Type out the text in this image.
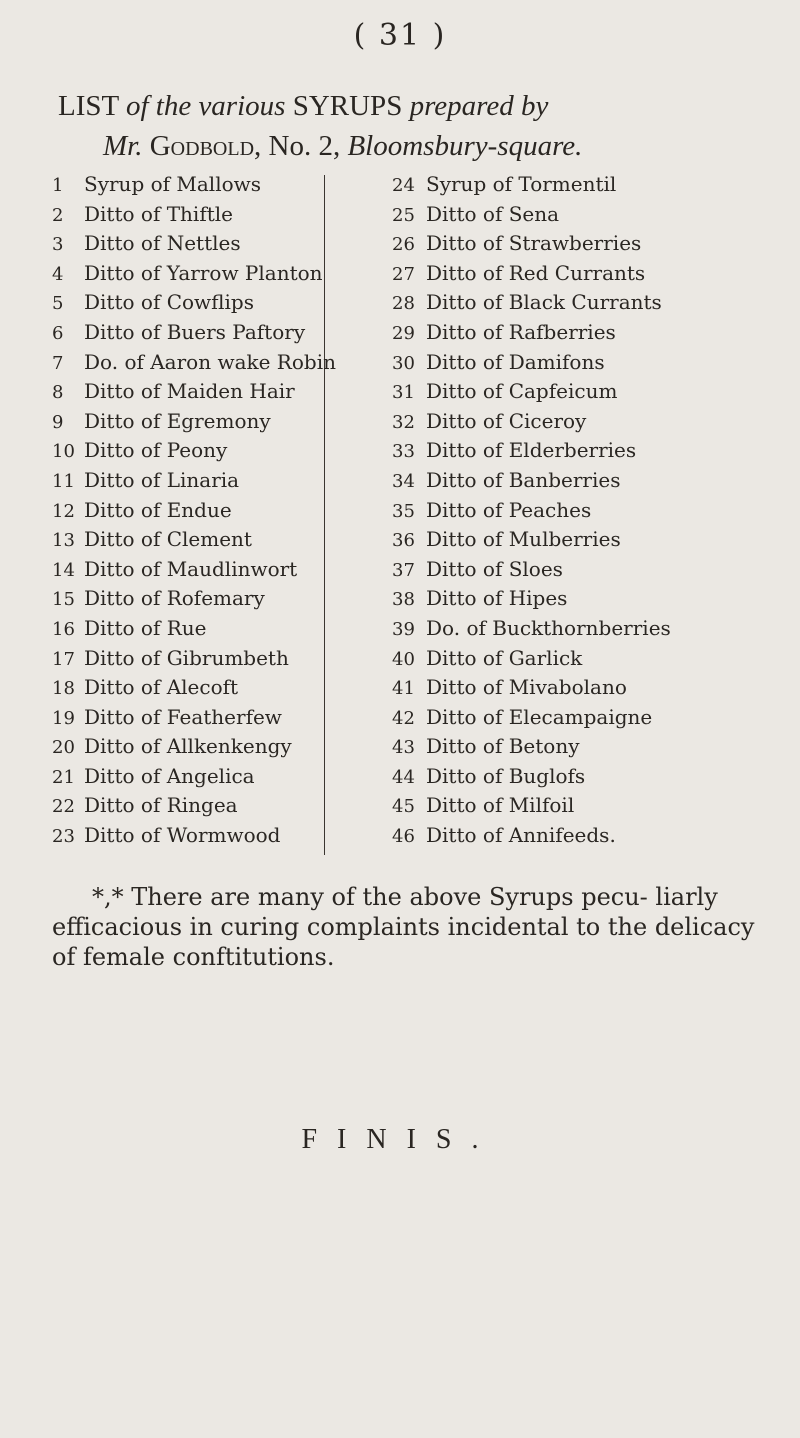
( 31 )
LIST of the various SYRUPS prepared by
Mr. Godbold, No. 2, Bloomsbury-square.
1	Syrup of Mallows
2	Ditto of Thiftle
3	Ditto of Nettles
4	Ditto of Yarrow Planton
5	Ditto of Cowflips
6	Ditto of Buers Paftory
7	Do. of Aaron wake Robin
8	Ditto of Maiden Hair
9	Ditto of Egremony
10 Ditto of Peony
11 Ditto of Linaria
12 Ditto of Endue
13 Ditto of Clement
14 Ditto of Maudlinwort
15 Ditto of Rofemary
16 Ditto of Rue
17 Ditto of Gibrumbeth
18 Ditto of Alecoft
19 Ditto of Featherfew
20 Ditto of Allkenkengy
21 Ditto of Angelica
22 Ditto of Ringea
23 Ditto of Wormwood
24 Syrup of Tormentil
25 Ditto of Sena
26 Ditto of Strawberries
27 Ditto of Red Currants
28 Ditto of Black Currants
29 Ditto of Rafberries
30 Ditto of Damifons
31 Ditto of Capfeicum
32 Ditto of Ciceroy
33 Ditto of Elderberries
34 Ditto of Banberries
35 Ditto of Peaches
36 Ditto of Mulberries
37 Ditto of Sloes
38 Ditto of Hipes
39 Do. of Buckthornberries
40 Ditto of Garlick
41 Ditto of Mivabolano
42 Ditto of Elecampaigne
43 Ditto of Betony
44 Ditto of Buglofs
45 Ditto of Milfoil
46 Ditto of Annifeeds.
*,* There are many of the above Syrups pecu- liarly efficacious in curing complaints incidental to the delicacy of female conftitutions.
FINIS.
